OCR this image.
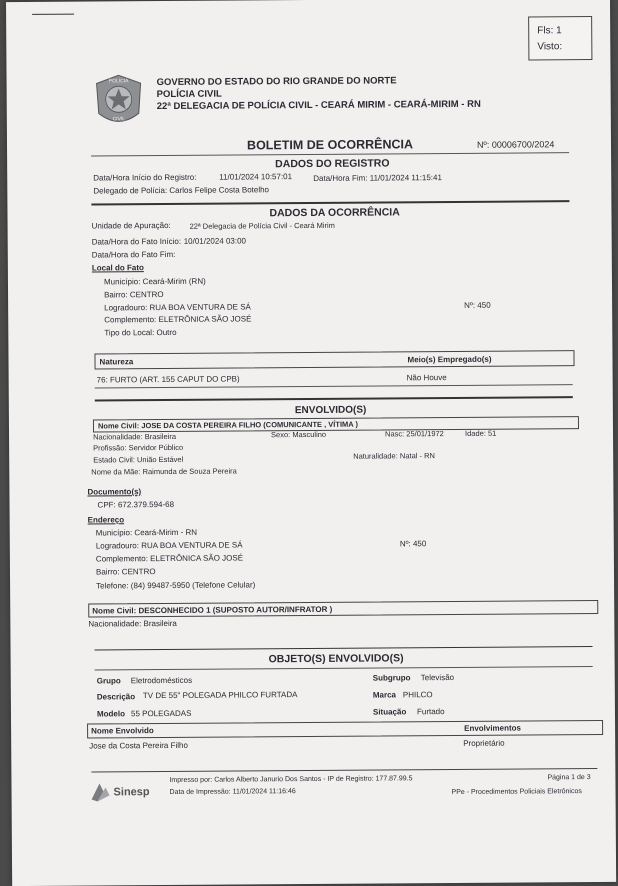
Fls: 1
Visto:
POLICIA
CIVIL
GOVERNO DO ESTADO DO RIO GRANDE DO NORTE
POLÍCIA CIVIL
22ª DELEGACIA DE POLÍCIA CIVIL - CEARÁ MIRIM - CEARÁ-MIRIM - RN
BOLETIM DE OCORRÊNCIA	Nº: 00006700/2024
DADOS DO REGISTRO
Data/Hora Início do Registro:	11/01/2024 10:57:01	Data/Hora Fim: 11/01/2024 11:15:41
Delegado de Polícia: Carlos Felipe Costa Botelho
DADOS DA OCORRÊNCIA
Unidade de Apuração:	22ª Delegacia de Polícia Civil - Ceará Mirim
Data/Hora do Fato Início: 10/01/2024 03:00
Data/Hora do Fato Fim:
Local do Fato
Município: Ceará-Mirim (RN)
Bairro: CENTRO
Logradouro: RUA BOA VENTURA DE SÁ	Nº: 450
Complemento: ELETRÔNICA SÃO JOSÉ
Tipo do Local: Outro
Natureza	Meio(s) Empregado(s)
76: FURTO (ART. 155 CAPUT DO CPB)	Não Houve
ENVOLVIDO(S)
Nome Civil: JOSE DA COSTA PEREIRA FILHO (COMUNICANTE , VÍTIMA )
Nacionalidade: Brasileira	Sexo: Masculino	Nasc: 25/01/1972	Idade: 51
Profissão: Servidor Público
Estado Civil: União Estável	Naturalidade: Natal - RN
Nome da Mãe: Raimunda de Souza Pereira
Documento(s)
CPF: 672.379.594-68
Endereço
Município: Ceará-Mirim - RN
Logradouro: RUA BOA VENTURA DE SÁ	Nº: 450
Complemento: ELETRÔNICA SÃO JOSÉ
Bairro: CENTRO
Telefone: (84) 99487-5950 (Telefone Celular)
Nome Civil: DESCONHECIDO 1 (SUPOSTO AUTOR/INFRATOR )
Nacionalidade: Brasileira
OBJETO(S) ENVOLVIDO(S)
Grupo Eletrodomésticos	Subgrupo Televisão
Descrição TV DE 55" POLEGADA PHILCO FURTADA	Marca PHILCO
Modelo 55 POLEGADAS	Situação Furtado
Nome Envolvido	Envolvimentos
Jose da Costa Pereira Filho	Proprietário
Sinesp
Impresso por: Carlos Alberto Janurio Dos Santos - IP de Registro: 177.87.99.5
Data de Impressão: 11/01/2024 11:16:46
Página 1 de 3
PPe - Procedimentos Policiais Eletrônicos
